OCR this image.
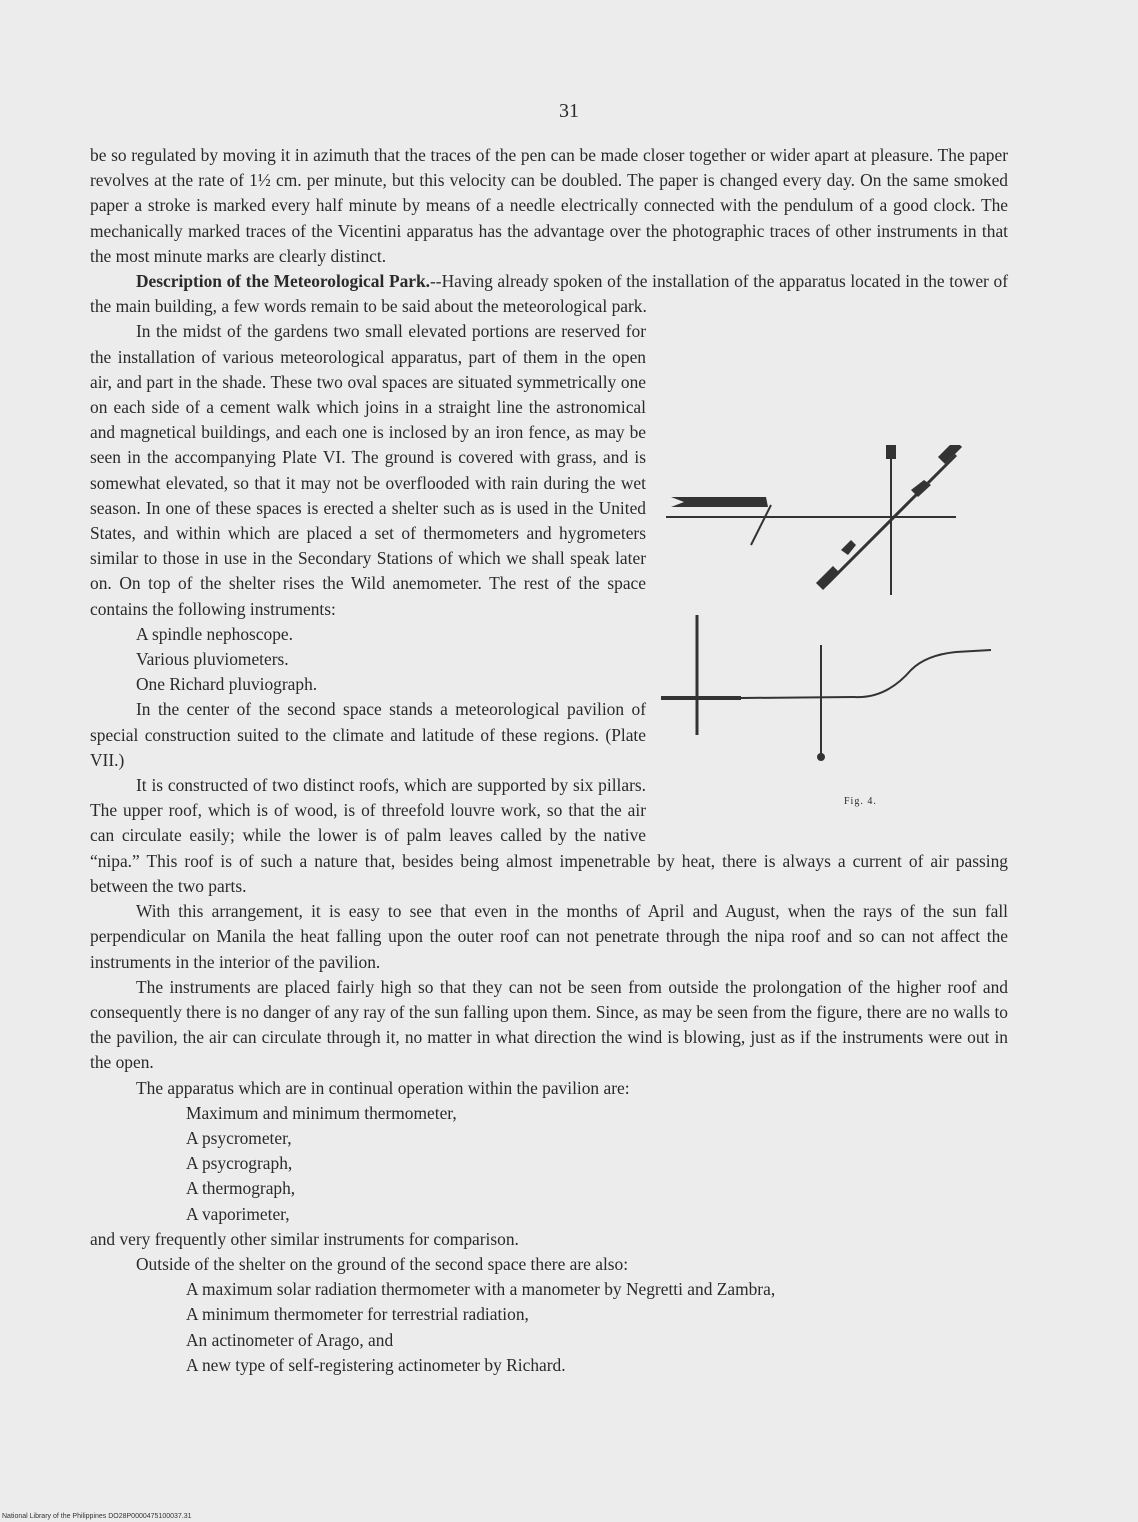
31

be so regulated by moving it in azimuth that the traces of the pen can be made closer together or wider apart at pleasure. The paper revolves at the rate of 1½ cm. per minute, but this velocity can be doubled. The paper is changed every day. On the same smoked paper a stroke is marked every half minute by means of a needle electrically connected with the pendulum of a good clock. The mechanically marked traces of the Vicentini apparatus has the advantage over the photographic traces of other instruments in that the most minute marks are clearly distinct.

Description of the Meteorological Park.--Having already spoken of the installation of the apparatus located in the tower of the main building, a few words remain to be said about the meteorological park.

Fig. 4.
In the midst of the gardens two small elevated portions are reserved for the installation of various meteorological apparatus, part of them in the open air, and part in the shade. These two oval spaces are situated symmetrically one on each side of a cement walk which joins in a straight line the astronomical and magnetical buildings, and each one is inclosed by an iron fence, as may be seen in the accompanying Plate VI. The ground is covered with grass, and is somewhat elevated, so that it may not be overflooded with rain during the wet season. In one of these spaces is erected a shelter such as is used in the United States, and within which are placed a set of thermometers and hygrometers similar to those in use in the Secondary Stations of which we shall speak later on. On top of the shelter rises the Wild anemometer. The rest of the space contains the following instruments:
A spindle nephoscope.
Various pluviometers.
One Richard pluviograph.

In the center of the second space stands a meteorological pavilion of special construction suited to the climate and latitude of these regions. (Plate VII.)

It is constructed of two distinct roofs, which are supported by six pillars. The upper roof, which is of wood, is of threefold louvre work, so that the air can circulate easily; while the lower is of palm leaves called by the native “nipa.” This roof is of such a nature that, besides being almost impenetrable by heat, there is always a current of air passing between the two parts.

With this arrangement, it is easy to see that even in the months of April and August, when the rays of the sun fall perpendicular on Manila the heat falling upon the outer roof can not penetrate through the nipa roof and so can not affect the instruments in the interior of the pavilion.

The instruments are placed fairly high so that they can not be seen from outside the prolongation of the higher roof and consequently there is no danger of any ray of the sun falling upon them. Since, as may be seen from the figure, there are no walls to the pavilion, the air can circulate through it, no matter in what direction the wind is blowing, just as if the instruments were out in the open.

The apparatus which are in continual operation within the pavilion are:

Maximum and minimum thermometer,
A psycrometer,
A psycrograph,
A thermograph,
A vaporimeter,

and very frequently other similar instruments for comparison.

Outside of the shelter on the ground of the second space there are also:

A maximum solar radiation thermometer with a manometer by Negretti and Zambra,
A minimum thermometer for terrestrial radiation,
An actinometer of Arago, and
A new type of self-registering actinometer by Richard.
National Library of the Philippines DO28P0000475100037.31
